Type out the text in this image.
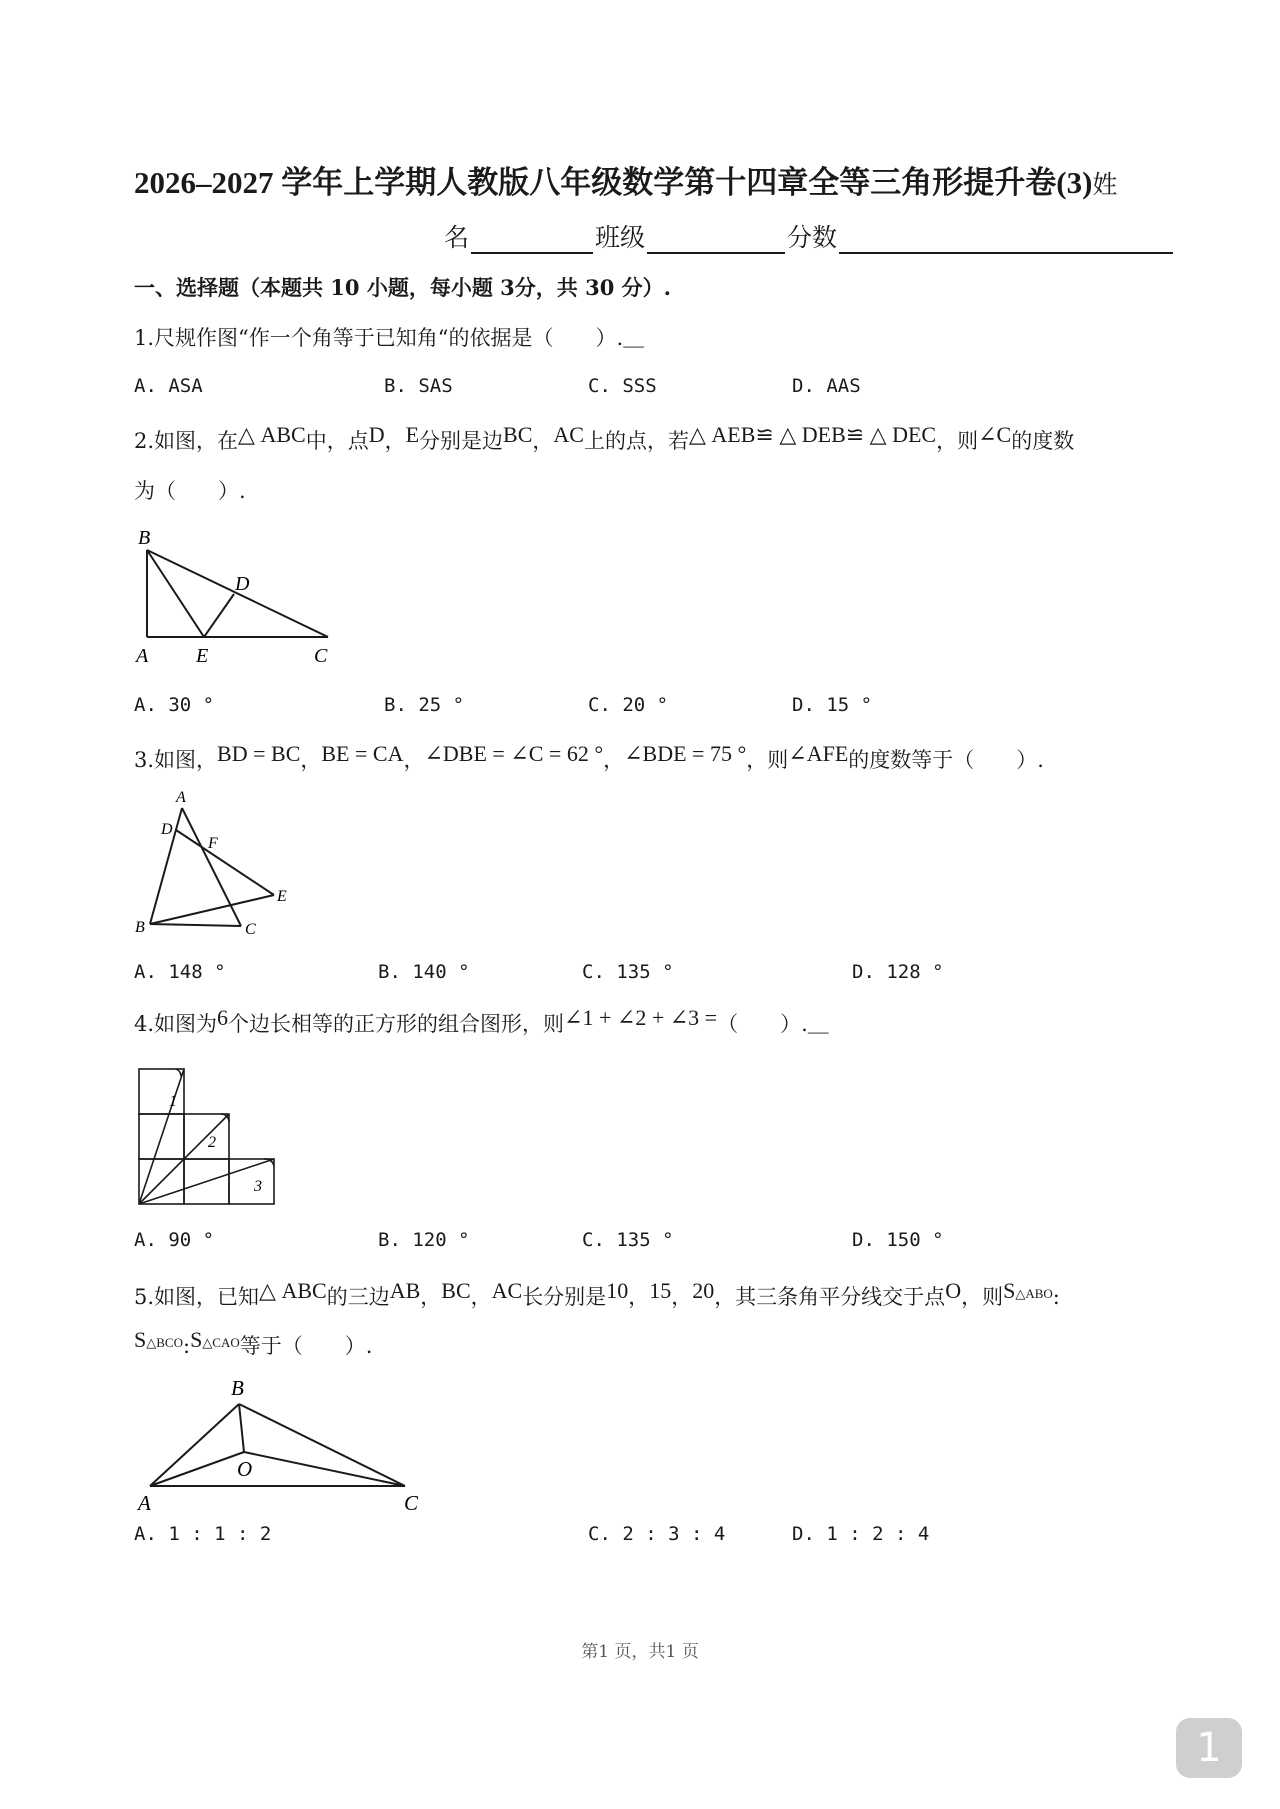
2026–2027 学年上学期人教版八年级数学第十四章全等三角形提升卷(3)姓
名	班级	分数
一、选择题（本题共 10 小题，每小题 3分，共 30 分）.
1.尺规作图“作一个角等于已知角“的依据是（　　）.＿
A. ASA	B. SAS	C. SSS	D. AAS
2.如图，在△ ABC中，点D，E分别是边BC，AC上的点，若△ AEB≌ △ DEB≌ △ DEC，则∠C的度数
为（　　）.
B
D
A E	C
A. 30 °	B. 25 °	C. 20 °	D. 15 °
3.如图，BD = BC，BE = CA，∠DBE = ∠C = 62 °，∠BDE = 75 °，则∠AFE的度数等于（　　）.
A
D
F
E
B	C
A. 148 °	B. 140 °	C. 135 °	D. 128 °
4.如图为6个边长相等的正方形的组合图形，则∠1 + ∠2 + ∠3 =（　　）.＿
1
2
3
A. 90 °	B. 120 °	C. 135 °	D. 150 °
5.如图，已知△ ABC的三边AB，BC，AC长分别是10，15，20，其三条角平分线交于点O，则S△ABO:
S△BCO:S△CAO等于（　　）.
B
O
A	C
A. 1 : 1 : 2	C. 2 : 3 : 4	D. 1 : 2 : 4
第1 页，共1 页
1
